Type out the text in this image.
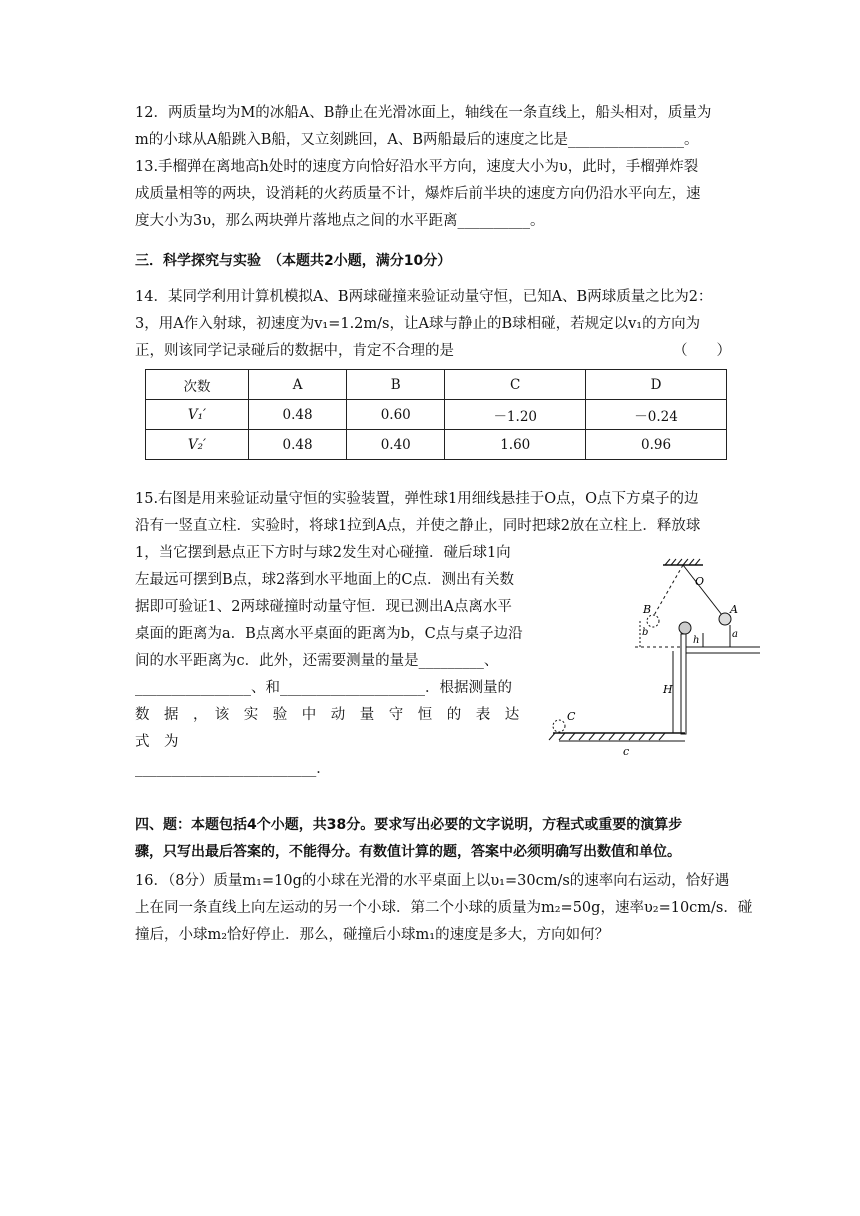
12．两质量均为M的冰船A、B静止在光滑冰面上，轴线在一条直线上，船头相对，质量为

m的小球从A船跳入B船，又立刻跳回，A、B两船最后的速度之比是________________。

13.手榴弹在离地高h处时的速度方向恰好沿水平方向，速度大小为υ，此时，手榴弹炸裂

成质量相等的两块，设消耗的火药质量不计，爆炸后前半块的速度方向仍沿水平向左，速

度大小为3υ，那么两块弹片落地点之间的水平距离__________。

三．科学探究与实验　（本题共2小题，满分10分）

14．某同学利用计算机模拟A、B两球碰撞来验证动量守恒，已知A、B两球质量之比为2：

3，用A作入射球，初速度为v₁=1.2m/s，让A球与静止的B球相碰，若规定以v₁的方向为

正，则该同学记录碰后的数据中，肯定不合理的是	（　　）

次数	A	B	C	D
V₁′	0.48	0.60	－1.20	－0.24
V₂′	0.48	0.40	1.60	0.96

15.右图是用来验证动量守恒的实验装置，弹性球1用细线悬挂于O点，O点下方桌子的边

沿有一竖直立柱．实验时，将球1拉到A点，并使之静止，同时把球2放在立柱上．释放球

1，当它摆到悬点正下方时与球2发生对心碰撞．碰后球1向

左最远可摆到B点，球2落到水平地面上的C点．测出有关数

据即可验证1、2两球碰撞时动量守恒．现已测出A点离水平

桌面的距离为a．B点离水平桌面的距离为b，C点与桌子边沿

间的水平距离为c．此外，还需要测量的量是_________、

________________、和____________________．根据测量的

数　据　，　该　实　验　中　动　量　守　恒　的　表　达　式　为

_________________________．

O
A
B
b
h
a
H
C
c

四、题：本题包括4个小题，共38分。要求写出必要的文字说明，方程式或重要的演算步

骤，只写出最后答案的，不能得分。有数值计算的题，答案中必须明确写出数值和单位。

16．（8分）质量m₁=10g的小球在光滑的水平桌面上以υ₁=30cm/s的速率向右运动，恰好遇

上在同一条直线上向左运动的另一个小球．第二个小球的质量为m₂=50g，速率υ₂=10cm/s．碰

撞后，小球m₂恰好停止．那么，碰撞后小球m₁的速度是多大，方向如何？
